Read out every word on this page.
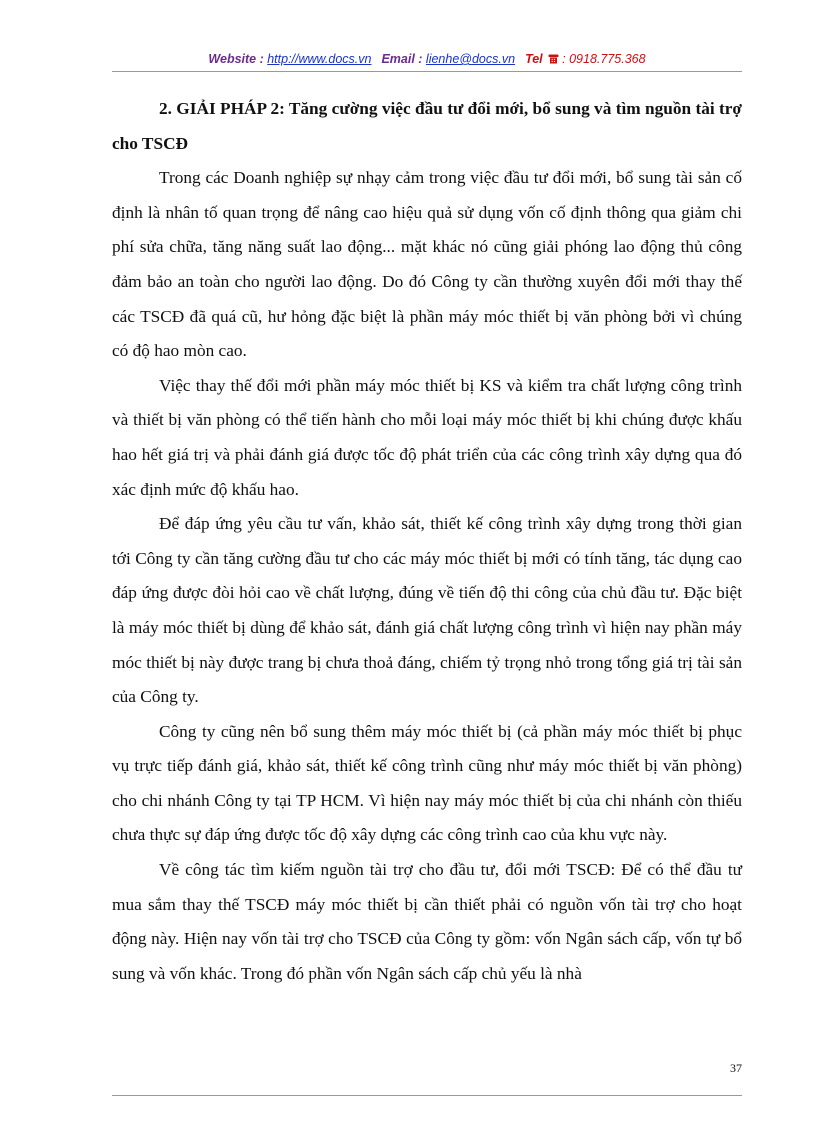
Website : http://www.docs.vn Email : lienhe@docs.vn Tel : 0918.775.368

2. GIẢI PHÁP 2: Tăng cường việc đầu tư đổi mới, bổ sung và tìm nguồn tài trợ cho TSCĐ

Trong các Doanh nghiệp sự nhạy cảm trong việc đầu tư đổi mới, bổ sung tài sản cố định là nhân tố quan trọng để nâng cao hiệu quả sử dụng vốn cố định thông qua giảm chi phí sửa chữa, tăng năng suất lao động... mặt khác nó cũng giải phóng lao động thủ công đảm bảo an toàn cho người lao động. Do đó Công ty cần thường xuyên đổi mới thay thế các TSCĐ đã quá cũ, hư hỏng đặc biệt là phần máy móc thiết bị văn phòng bởi vì chúng có độ hao mòn cao.

Việc thay thế đổi mới phần máy móc thiết bị KS và kiểm tra chất lượng công trình và thiết bị văn phòng có thể tiến hành cho mỗi loại máy móc thiết bị khi chúng được khấu hao hết giá trị và phải đánh giá được tốc độ phát triển của các công trình xây dựng qua đó xác định mức độ khấu hao.

Để đáp ứng yêu cầu tư vấn, khảo sát, thiết kế công trình xây dựng trong thời gian tới Công ty cần tăng cường đầu tư cho các máy móc thiết bị mới có tính tăng, tác dụng cao đáp ứng được đòi hỏi cao về chất lượng, đúng về tiến độ thi công của chủ đầu tư. Đặc biệt là máy móc thiết bị dùng để khảo sát, đánh giá chất lượng công trình vì hiện nay phần máy móc thiết bị này được trang bị chưa thoả đáng, chiếm tỷ trọng nhỏ trong tổng giá trị tài sản của Công ty.

Công ty cũng nên bổ sung thêm máy móc thiết bị (cả phần máy móc thiết bị phục vụ trực tiếp đánh giá, khảo sát, thiết kế công trình cũng như máy móc thiết bị văn phòng) cho chi nhánh Công ty tại TP HCM. Vì hiện nay máy móc thiết bị của chi nhánh còn thiếu chưa thực sự đáp ứng được tốc độ xây dựng các công trình cao của khu vực này.

Về công tác tìm kiếm nguồn tài trợ cho đầu tư, đổi mới TSCĐ: Để có thể đầu tư mua sắm thay thế TSCĐ máy móc thiết bị cần thiết phải có nguồn vốn tài trợ cho hoạt động này. Hiện nay vốn tài trợ cho TSCĐ của Công ty gồm: vốn Ngân sách cấp, vốn tự bổ sung và vốn khác. Trong đó phần vốn Ngân sách cấp chủ yếu là nhà

37
